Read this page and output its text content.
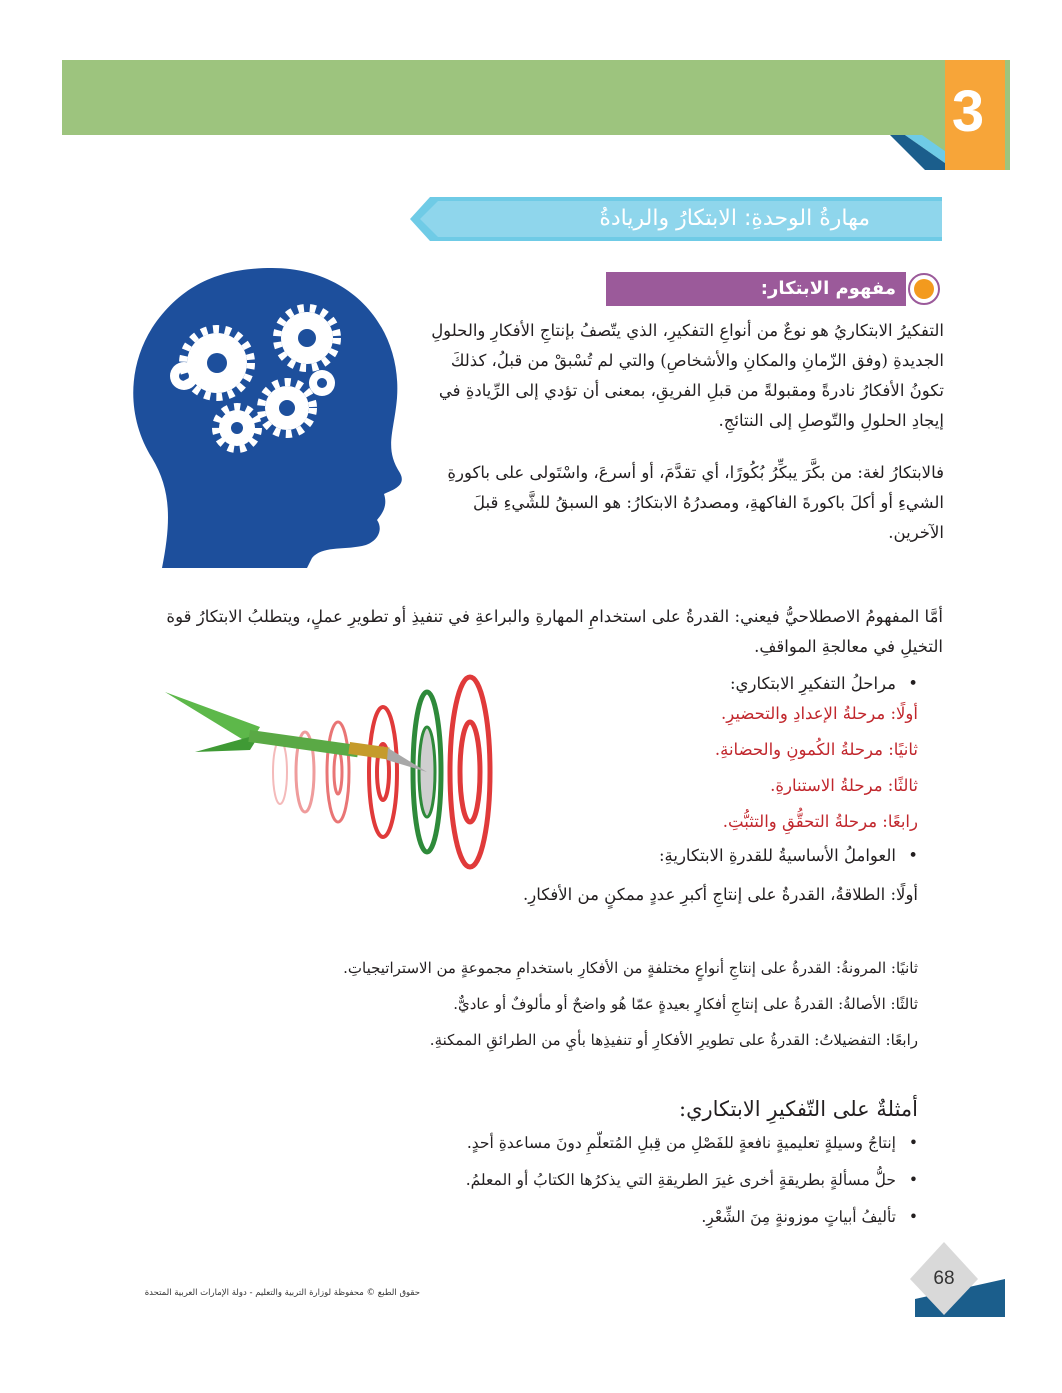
3
مهارةُ الوحدةِ: الابتكارُ والريادةُ
مفهوم الابتكار:
التفكيرُ الابتكاريُ هو نوعٌ من أنواعِ التفكيرِ، الذي يتّصفُ بإنتاجِ الأفكارِ والحلولِ الجديدةِ (وفق الزّمانِ والمكانِ والأشخاصِ) والتي لم تُسْبقْ من قبلُ، كذلكَ تكونُ الأفكارُ نادرةً ومقبولةً من قبلِ الفريقِ، بمعنى أن تؤدي إلى الرِّيادةِ في إيجادِ الحلولِ والتّوصلِ إلى النتائجِ.
فالابتكارُ لغة: من بكَّرَ يبكِّرُ بُكُورًا، أي تقدَّمَ، أو أسرعَ، واسْتَولى على باكورةِ الشيءِ أو أكلَ باكورةَ الفاكهةِ، ومصدرُهُ الابتكارُ: هو السبقُ للشَّيءِ قبلَ الآخرين.
أمَّا المفهومُ الاصطلاحيُّ فيعني: القدرةُ على استخدامِ المهارةِ والبراعةِ في تنفيذِ أو تطويرِ عملٍ، ويتطلبُ الابتكارُ قوة التخيلِ في معالجةِ المواقفِ.
• مراحلُ التفكيرِ الابتكاري:
أولًا: مرحلةُ الإعدادِ والتحضيرِ.
ثانيًا: مرحلةُ الكُمونِ والحضانةِ.
ثالثًا: مرحلةُ الاستنارةِ.
رابعًا: مرحلةُ التحقُّقِ والتثبُّتِ.
• العواملُ الأساسيةُ للقدرةِ الابتكاريةِ:
أولًا: الطلاقةُ، القدرةُ على إنتاجِ أكبرِ عددٍ ممكنٍ من الأفكارِ.
ثانيًا: المرونةُ: القدرةُ على إنتاجِ أنواعٍ مختلفةٍ من الأفكارِ باستخدامِ مجموعةٍ من الاستراتيجياتِ.
ثالثًا: الأصالةُ: القدرةُ على إنتاجِ أفكارٍ بعيدةٍ عمّا هُو واضحٌ أو مألوفٌ أو عاديٌّ.
رابعًا: التفضيلاتُ: القدرةُ على تطويرِ الأفكارِ أو تنفيذِها بأيِ من الطرائقِ الممكنةِ.
أمثلةٌ على التّفكيرِ الابتكاري:
• إنتاجُ وسيلةٍ تعليميةٍ نافعةٍ للفَصْلِ من قِبلِ المُتعلّمِ دونَ مساعدةِ أحدٍ.
• حلُّ مسألةٍ بطريقةٍ أخرى غيرَ الطريقةِ التي يذكرُها الكتابُ أو المعلمُ.
• تأليفُ أبياتٍ موزونةٍ مِنَ الشِّعْرِ.
حقوق الطبع © محفوظة لوزارة التربية والتعليم - دولة الإمارات العربية المتحدة
68
